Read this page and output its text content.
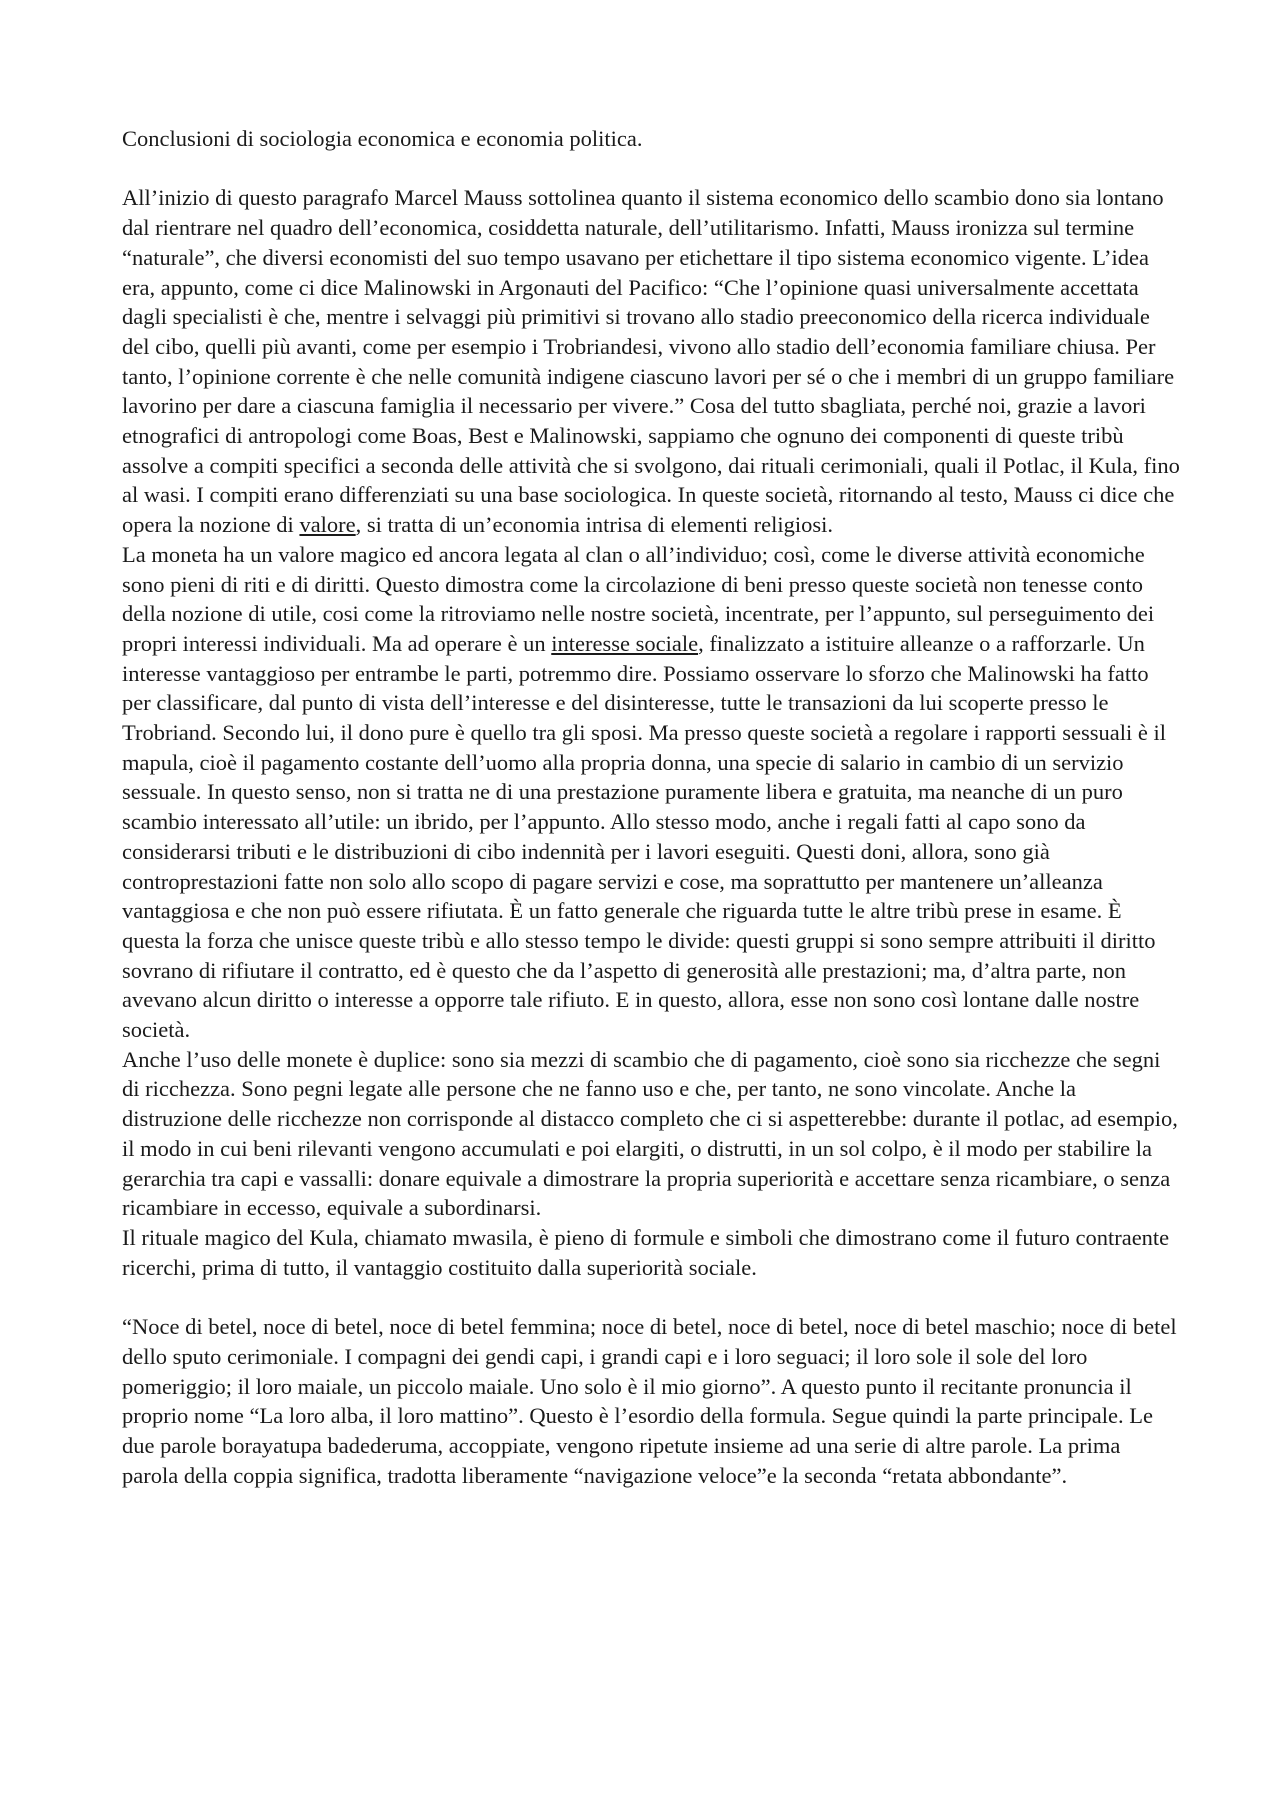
Conclusioni di sociologia economica e economia politica.

All’inizio di questo paragrafo Marcel Mauss sottolinea quanto il sistema economico dello scambio dono sia lontano dal rientrare nel quadro dell’economica, cosiddetta naturale, dell’utilitarismo. Infatti, Mauss ironizza sul termine “naturale”, che diversi economisti del suo tempo usavano per etichettare il tipo sistema economico vigente. L’idea era, appunto, come ci dice Malinowski in Argonauti del Pacifico: “Che l’opinione quasi universalmente accettata dagli specialisti è che, mentre i selvaggi più primitivi si trovano allo stadio preeconomico della ricerca individuale del cibo, quelli più avanti, come per esempio i Trobriandesi, vivono allo stadio dell’economia familiare chiusa. Per tanto, l’opinione corrente è che nelle comunità indigene ciascuno lavori per sé o che i membri di un gruppo familiare lavorino per dare a ciascuna famiglia il necessario per vivere.” Cosa del tutto sbagliata, perché noi, grazie a lavori etnografici di antropologi come Boas, Best e Malinowski, sappiamo che ognuno dei componenti di queste tribù assolve a compiti specifici a seconda delle attività che si svolgono, dai rituali cerimoniali, quali il Potlac, il Kula, fino al wasi. I compiti erano differenziati su una base sociologica. In queste società, ritornando al testo, Mauss ci dice che opera la nozione di valore, si tratta di un’economia intrisa di elementi religiosi.

La moneta ha un valore magico ed ancora legata al clan o all’individuo; così, come le diverse attività economiche sono pieni di riti e di diritti. Questo dimostra come la circolazione di beni presso queste società non tenesse conto della nozione di utile, cosi come la ritroviamo nelle nostre società, incentrate, per l’appunto, sul perseguimento dei propri interessi individuali. Ma ad operare è un interesse sociale, finalizzato a istituire alleanze o a rafforzarle. Un interesse vantaggioso per entrambe le parti, potremmo dire. Possiamo osservare lo sforzo che Malinowski ha fatto per classificare, dal punto di vista dell’interesse e del disinteresse, tutte le transazioni da lui scoperte presso le Trobriand. Secondo lui, il dono pure è quello tra gli sposi. Ma presso queste società a regolare i rapporti sessuali è il mapula, cioè il pagamento costante dell’uomo alla propria donna, una specie di salario in cambio di un servizio sessuale. In questo senso, non si tratta ne di una prestazione puramente libera e gratuita, ma neanche di un puro scambio interessato all’utile: un ibrido, per l’appunto. Allo stesso modo, anche i regali fatti al capo sono da considerarsi tributi e le distribuzioni di cibo indennità per i lavori eseguiti. Questi doni, allora, sono già controprestazioni fatte non solo allo scopo di pagare servizi e cose, ma soprattutto per mantenere un’alleanza vantaggiosa e che non può essere rifiutata. È un fatto generale che riguarda tutte le altre tribù prese in esame. È questa la forza che unisce queste tribù e allo stesso tempo le divide: questi gruppi si sono sempre attribuiti il diritto sovrano di rifiutare il contratto, ed è questo che da l’aspetto di generosità alle prestazioni; ma, d’altra parte, non avevano alcun diritto o interesse a opporre tale rifiuto. E in questo, allora, esse non sono così lontane dalle nostre società.

Anche l’uso delle monete è duplice: sono sia mezzi di scambio che di pagamento, cioè sono sia ricchezze che segni di ricchezza. Sono pegni legate alle persone che ne fanno uso e che, per tanto, ne sono vincolate. Anche la distruzione delle ricchezze non corrisponde al distacco completo che ci si aspetterebbe: durante il potlac, ad esempio, il modo in cui beni rilevanti vengono accumulati e poi elargiti, o distrutti, in un sol colpo, è il modo per stabilire la gerarchia tra capi e vassalli: donare equivale a dimostrare la propria superiorità e accettare senza ricambiare, o senza ricambiare in eccesso, equivale a subordinarsi.

Il rituale magico del Kula, chiamato mwasila, è pieno di formule e simboli che dimostrano come il futuro contraente ricerchi, prima di tutto, il vantaggio costituito dalla superiorità sociale.

“Noce di betel, noce di betel, noce di betel femmina; noce di betel, noce di betel, noce di betel maschio; noce di betel dello sputo cerimoniale. I compagni dei gendi capi, i grandi capi e i loro seguaci; il loro sole il sole del loro pomeriggio; il loro maiale, un piccolo maiale. Uno solo è il mio giorno”. A questo punto il recitante pronuncia il proprio nome “La loro alba, il loro mattino”. Questo è l’esordio della formula. Segue quindi la parte principale. Le due parole borayatupa badederuma, accoppiate, vengono ripetute insieme ad una serie di altre parole. La prima parola della coppia significa, tradotta liberamente “navigazione veloce”e la seconda “retata abbondante”.
